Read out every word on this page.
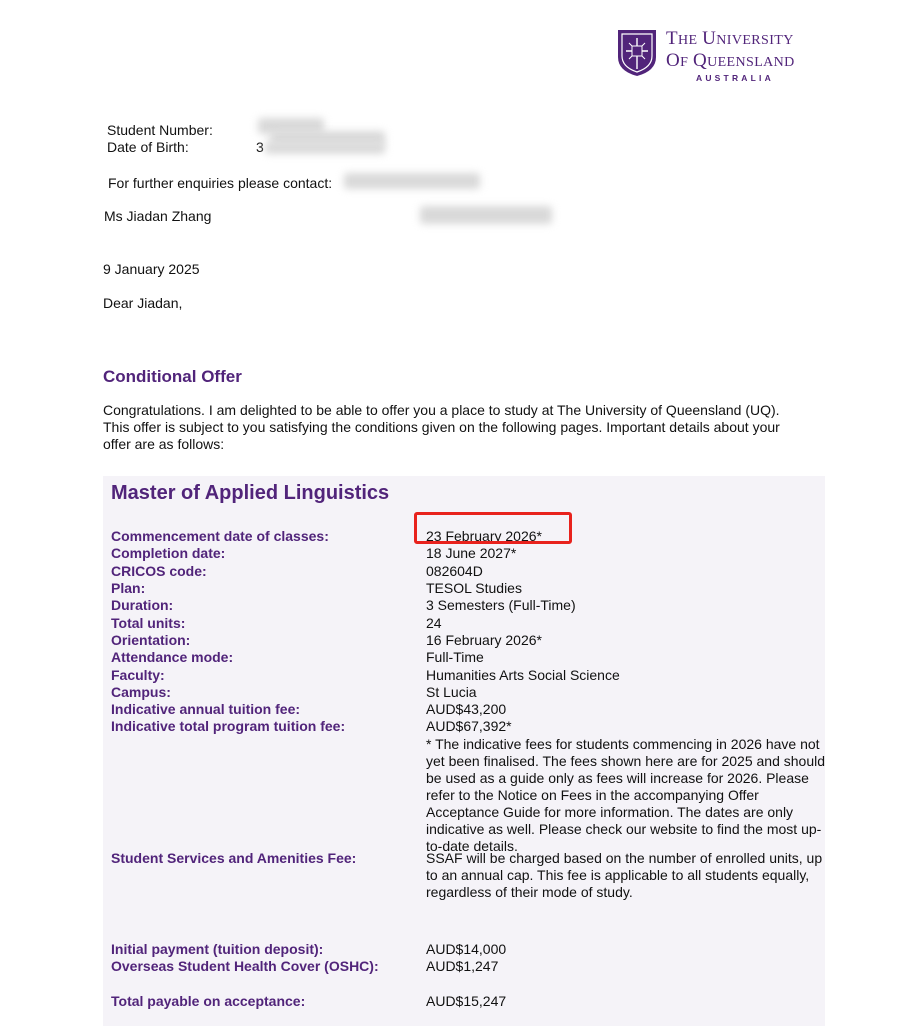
THE UNIVERSITY
OF QUEENSLAND
AUSTRALIA
Student Number:
Date of Birth:	3
For further enquiries please contact:
Ms Jiadan Zhang
9 January 2025
Dear Jiadan,
Conditional Offer
Congratulations. I am delighted to be able to offer you a place to study at The University of Queensland (UQ). This offer is subject to you satisfying the conditions given on the following pages. Important details about your offer are as follows:
Master of Applied Linguistics
Commencement date of classes:	23 February 2026*
Completion date:	18 June 2027*
CRICOS code:	082604D
Plan:	TESOL Studies
Duration:	3 Semesters (Full-Time)
Total units:	24
Orientation:	16 February 2026*
Attendance mode:	Full-Time
Faculty:	Humanities Arts Social Science
Campus:	St Lucia
Indicative annual tuition fee:	AUD$43,200
Indicative total program tuition fee:	AUD$67,392*
* The indicative fees for students commencing in 2026 have not yet been finalised. The fees shown here are for 2025 and should be used as a guide only as fees will increase for 2026. Please refer to the Notice on Fees in the accompanying Offer Acceptance Guide for more information. The dates are only indicative as well. Please check our website to find the most up-to-date details.
Student Services and Amenities Fee:	SSAF will be charged based on the number of enrolled units, up to an annual cap. This fee is applicable to all students equally, regardless of their mode of study.
Initial payment (tuition deposit):	AUD$14,000
Overseas Student Health Cover (OSHC):	AUD$1,247
Total payable on acceptance:	AUD$15,247
